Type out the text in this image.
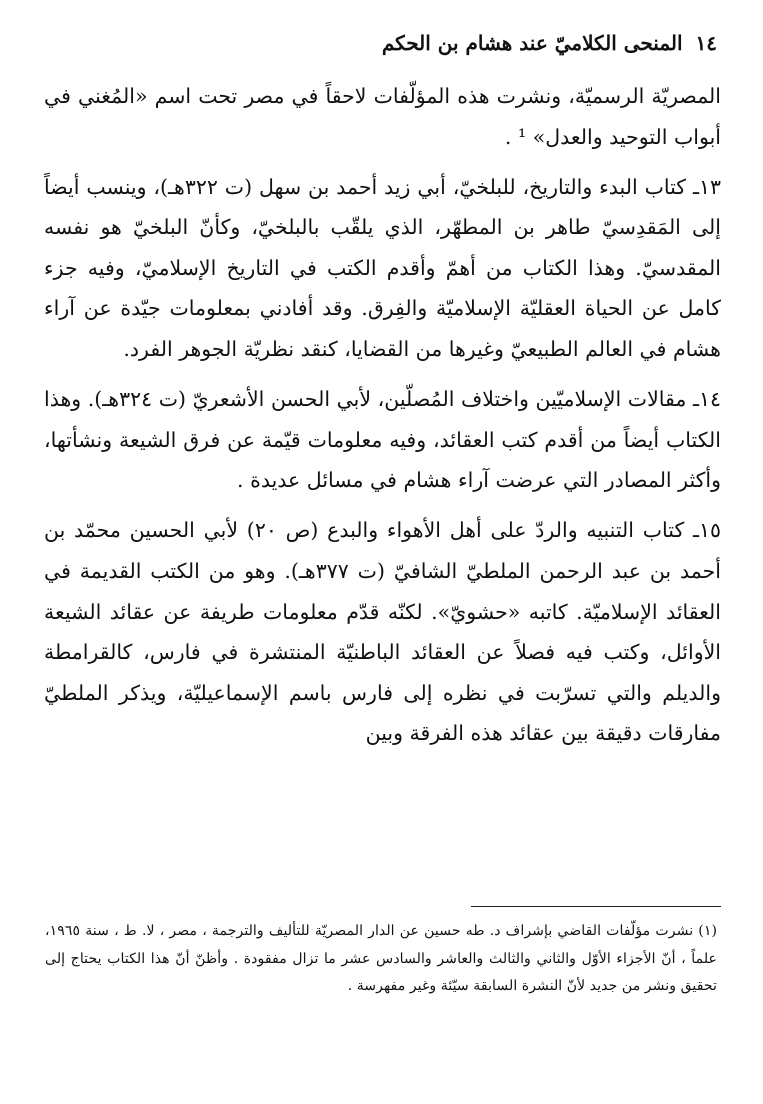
١٤ المنحى الكلاميّ عند هشام بن الحكم

المصريّة الرسميّة، ونشرت هذه المؤلّفات لاحقاً في مصر تحت اسم «المُغني في أبواب التوحيد والعدل» ¹ .

١٣ـ كتاب البدء والتاريخ، للبلخيّ، أبي زيد أحمد بن سهل (ت ٣٢٢هـ)، وينسب أيضاً إلى المَقدِسيّ طاهر بن المطهّر، الذي يلقّب بالبلخيّ، وكأنّ البلخيّ هو نفسه المقدسيّ. وهذا الكتاب من أهمّ وأقدم الكتب في التاريخ الإسلاميّ، وفيه جزء كامل عن الحياة العقليّة الإسلاميّة والفِرق. وقد أفادني بمعلومات جيّدة عن آراء هشام في العالم الطبيعيّ وغيرها من القضايا، كنقد نظريّة الجوهر الفرد.

١٤ـ مقالات الإسلاميّين واختلاف المُصلّين، لأبي الحسن الأشعريّ (ت ٣٢٤هـ). وهذا الكتاب أيضاً من أقدم كتب العقائد، وفيه معلومات قيّمة عن فرق الشيعة ونشأتها، وأكثر المصادر التي عرضت آراء هشام في مسائل عديدة .

١٥ـ كتاب التنبيه والردّ على أهل الأهواء والبدع (ص ٢٠) لأبي الحسين محمّد بن أحمد بن عبد الرحمن الملطيّ الشافيّ (ت ٣٧٧هـ). وهو من الكتب القديمة في العقائد الإسلاميّة. كاتبه «حشويّ». لكنّه قدّم معلومات طريفة عن عقائد الشيعة الأوائل، وكتب فيه فصلاً عن العقائد الباطنيّة المنتشرة في فارس، كالقرامطة والديلم والتي تسرّبت في نظره إلى فارس باسم الإسماعيليّة، ويذكر الملطيّ مفارقات دقيقة بين عقائد هذه الفرقة وبين

(١) نشرت مؤلّفات القاضي بإشراف د. طه حسين عن الدار المصريّة للتأليف والترجمة ، مصر ، لا. ط ، سنة ١٩٦٥، علماً ، أنّ الأجزاء الأوّل والثاني والثالث والعاشر والسادس عشر ما تزال مفقودة . وأظنّ أنّ هذا الكتاب يحتاج إلى تحقيق ونشر من جديد لأنّ النشرة السابقة سيّئة وغير مفهرسة .
